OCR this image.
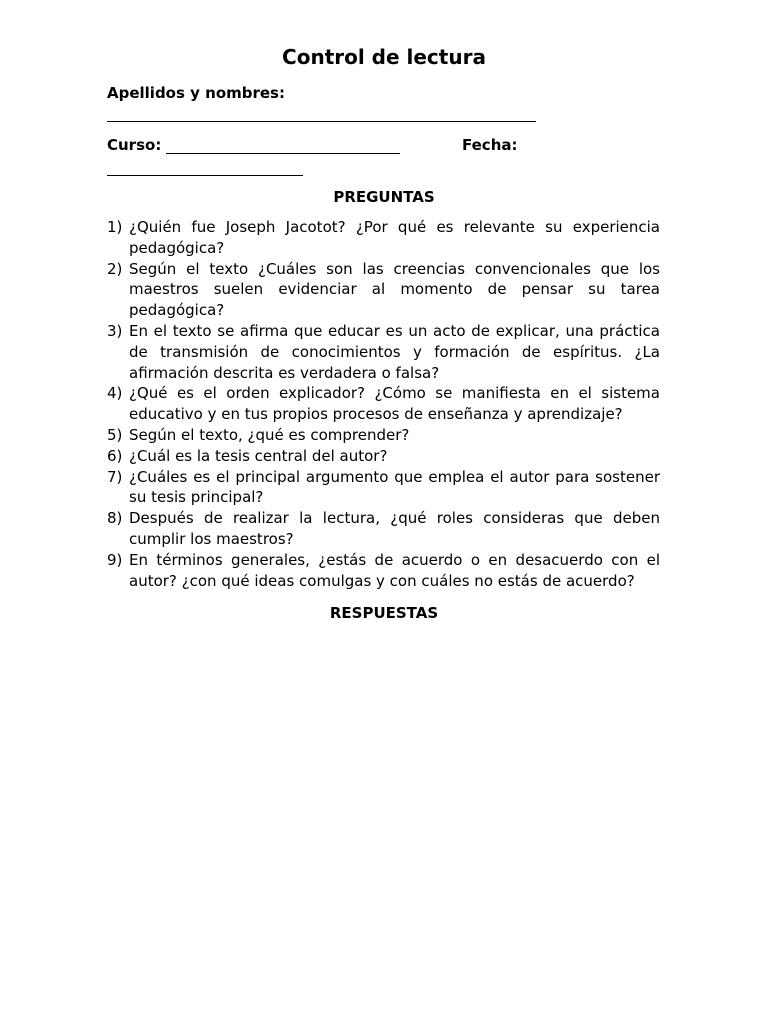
Control de lectura
Apellidos y nombres:
Curso:	Fecha:
PREGUNTAS
1) ¿Quién fue Joseph Jacotot? ¿Por qué es relevante su experiencia pedagógica?
2) Según el texto ¿Cuáles son las creencias convencionales que los maestros suelen evidenciar al momento de pensar su tarea pedagógica?
3) En el texto se afirma que educar es un acto de explicar, una práctica de transmisión de conocimientos y formación de espíritus. ¿La afirmación descrita es verdadera o falsa?
4) ¿Qué es el orden explicador? ¿Cómo se manifiesta en el sistema educativo y en tus propios procesos de enseñanza y aprendizaje?
5) Según el texto, ¿qué es comprender?
6) ¿Cuál es la tesis central del autor?
7) ¿Cuáles es el principal argumento que emplea el autor para sostener su tesis principal?
8) Después de realizar la lectura, ¿qué roles consideras que deben cumplir los maestros?
9) En términos generales, ¿estás de acuerdo o en desacuerdo con el autor? ¿con qué ideas comulgas y con cuáles no estás de acuerdo?
RESPUESTAS
